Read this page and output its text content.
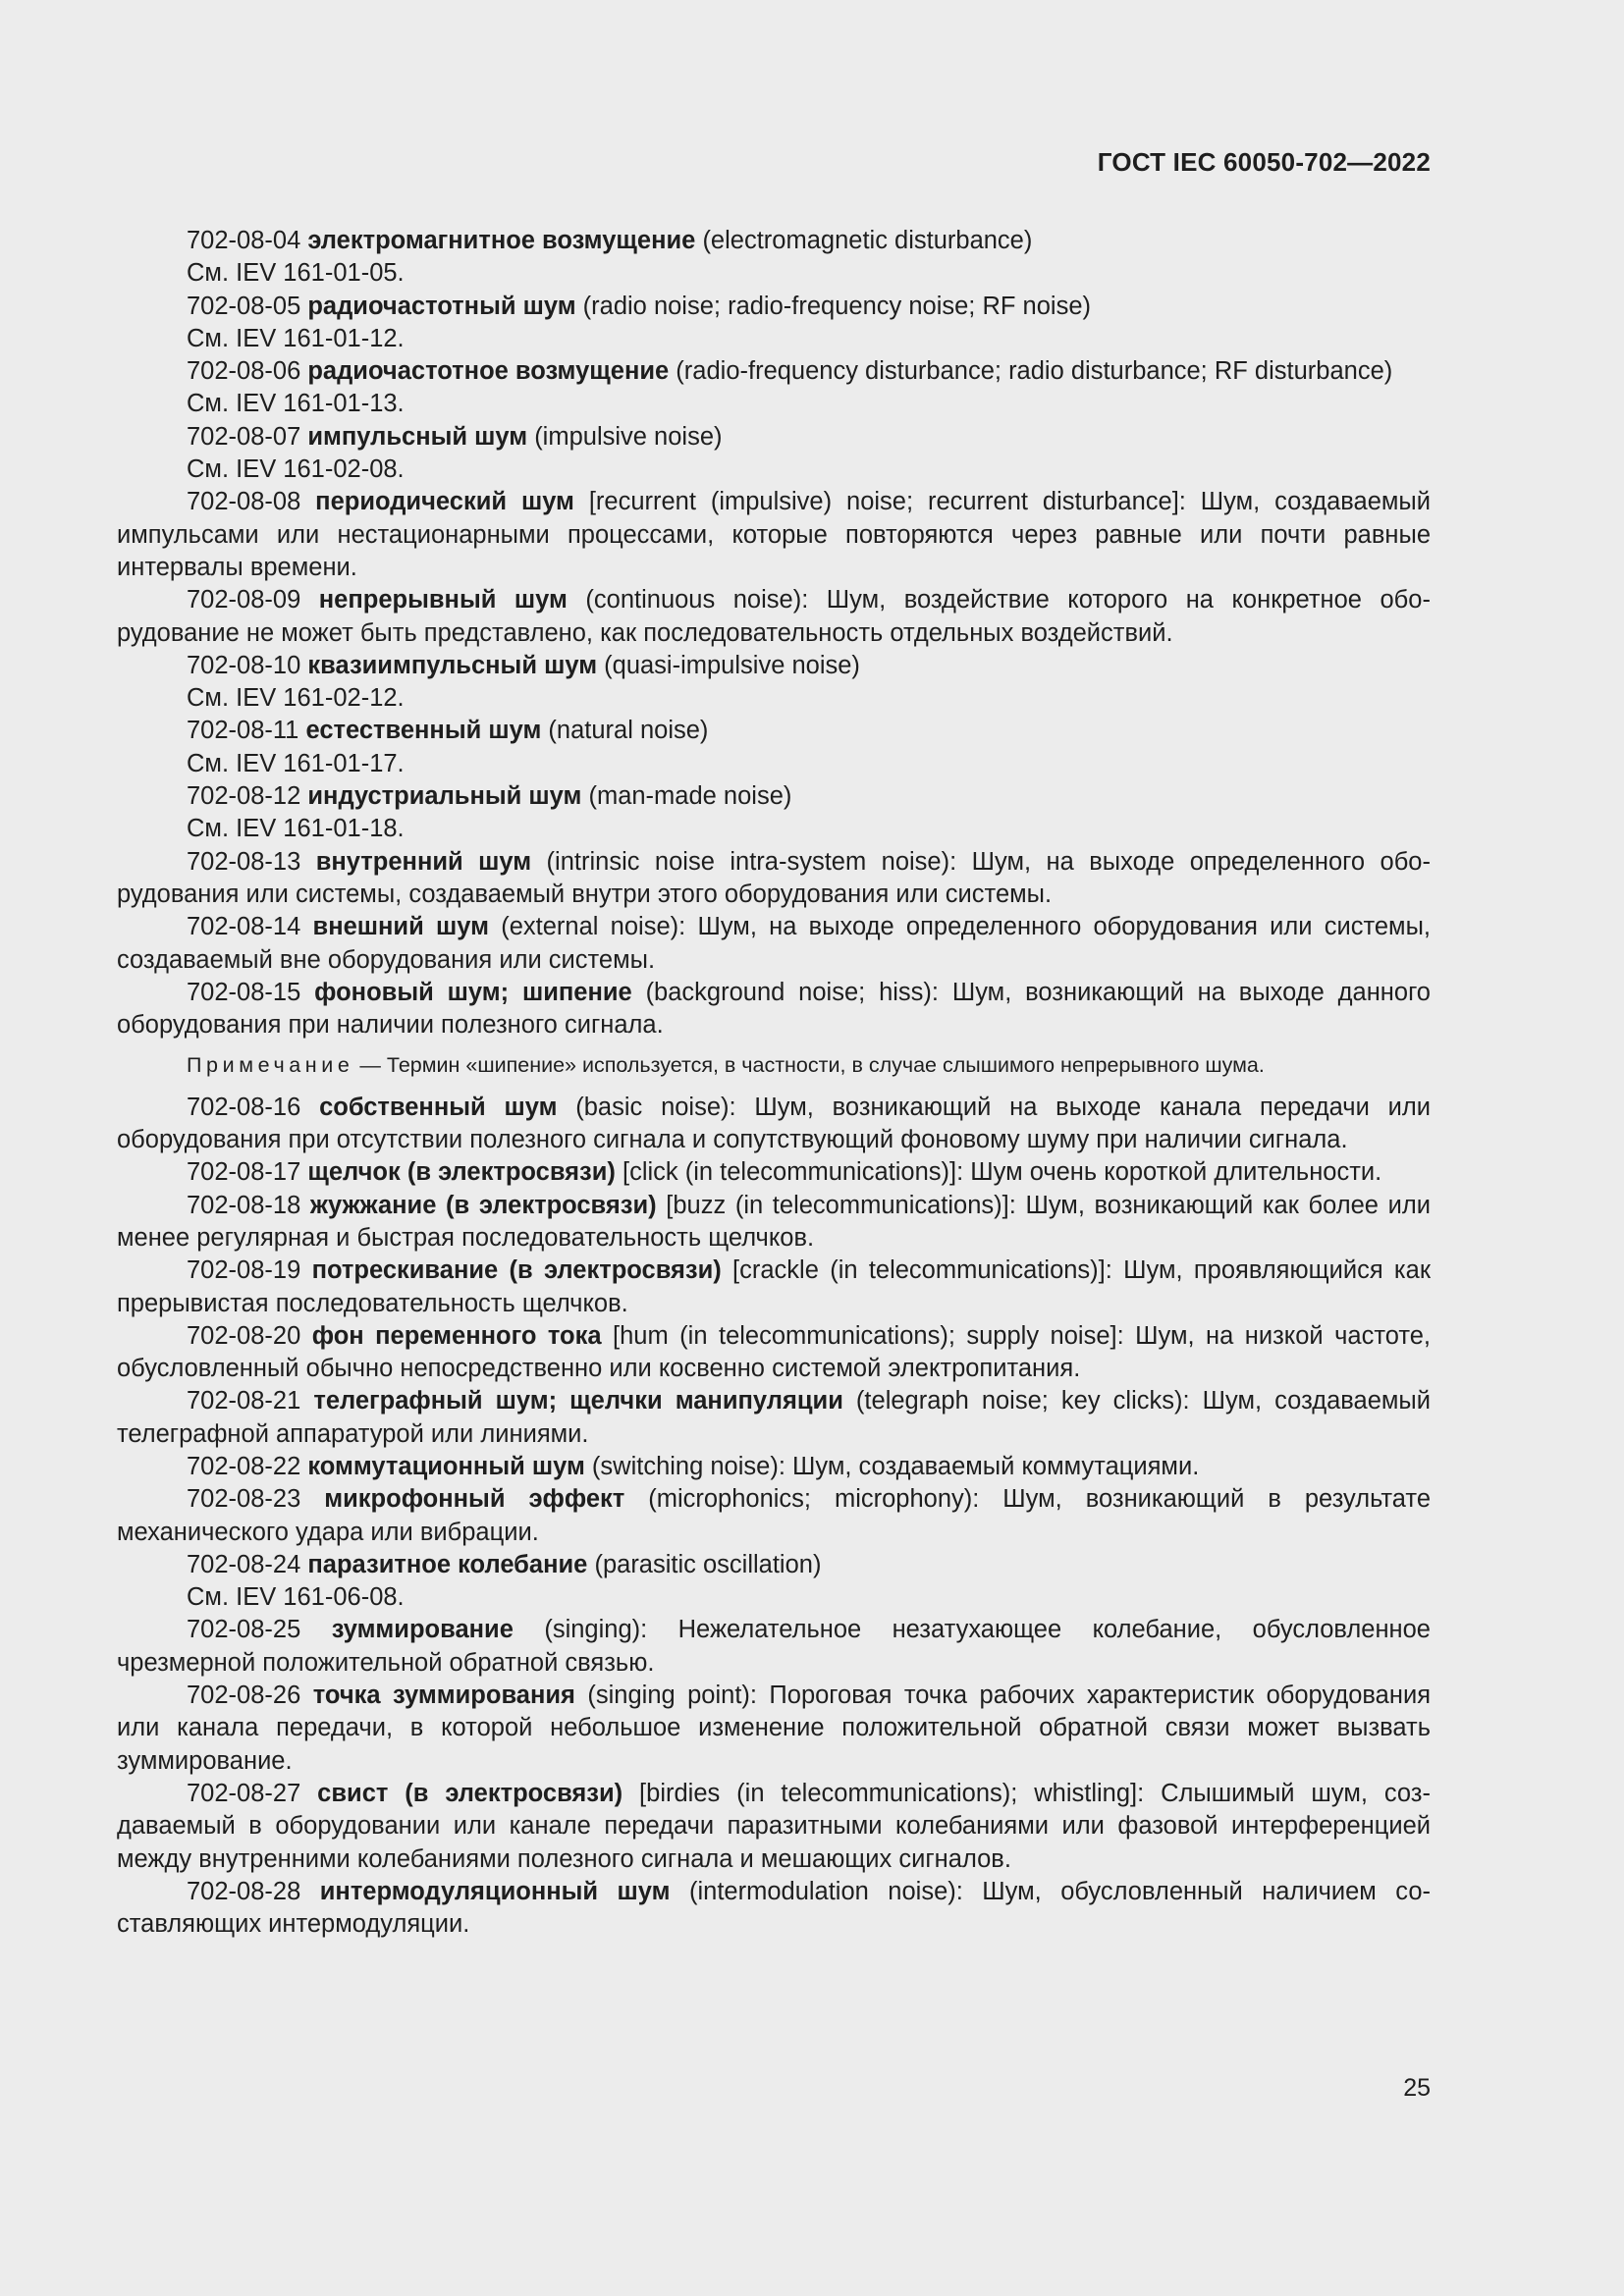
ГОСТ IEC 60050-702—2022

702-08-04 электромагнитное возмущение (electromagnetic disturbance)

См. IEV 161-01-05.

702-08-05 радиочастотный шум (radio noise; radio-frequency noise; RF noise)

См. IEV 161-01-12.

702-08-06 радиочастотное возмущение (radio-frequency disturbance; radio disturbance; RF disturbance)

См. IEV 161-01-13.

702-08-07 импульсный шум (impulsive noise)

См. IEV 161-02-08.

702-08-08 периодический шум [recurrent (impulsive) noise; recurrent disturbance]: Шум, создаваемый импульсами или нестационарными процессами, которые повторяются через равные или почти равные интервалы времени.

702-08-09 непрерывный шум (continuous noise): Шум, воздействие которого на конкретное оборудование не может быть представлено, как последовательность отдельных воздействий.

702-08-10 квазиимпульсный шум (quasi-impulsive noise)

См. IEV 161-02-12.

702-08-11 естественный шум (natural noise)

См. IEV 161-01-17.

702-08-12 индустриальный шум (man-made noise)

См. IEV 161-01-18.

702-08-13 внутренний шум (intrinsic noise intra-system noise): Шум, на выходе определенного оборудования или системы, создаваемый внутри этого оборудования или системы.

702-08-14 внешний шум (external noise): Шум, на выходе определенного оборудования или системы, создаваемый вне оборудования или системы.

702-08-15 фоновый шум; шипение (background noise; hiss): Шум, возникающий на выходе данного оборудования при наличии полезного сигнала.

Примечание — Термин «шипение» используется, в частности, в случае слышимого непрерывного шума.

702-08-16 собственный шум (basic noise): Шум, возникающий на выходе канала передачи или оборудования при отсутствии полезного сигнала и сопутствующий фоновому шуму при наличии сигнала.

702-08-17 щелчок (в электросвязи) [click (in telecommunications)]: Шум очень короткой длительности.

702-08-18 жужжание (в электросвязи) [buzz (in telecommunications)]: Шум, возникающий как более или менее регулярная и быстрая последовательность щелчков.

702-08-19 потрескивание (в электросвязи) [crackle (in telecommunications)]: Шум, проявляющийся как прерывистая последовательность щелчков.

702-08-20 фон переменного тока [hum (in telecommunications); supply noise]: Шум, на низкой частоте, обусловленный обычно непосредственно или косвенно системой электропитания.

702-08-21 телеграфный шум; щелчки манипуляции (telegraph noise; key clicks): Шум, создаваемый телеграфной аппаратурой или линиями.

702-08-22 коммутационный шум (switching noise): Шум, создаваемый коммутациями.

702-08-23 микрофонный эффект (microphonics; microphony): Шум, возникающий в результате механического удара или вибрации.

702-08-24 паразитное колебание (parasitic oscillation)

См. IEV 161-06-08.

702-08-25 зуммирование (singing): Нежелательное незатухающее колебание, обусловленное чрезмерной положительной обратной связью.

702-08-26 точка зуммирования (singing point): Пороговая точка рабочих характеристик оборудования или канала передачи, в которой небольшое изменение положительной обратной связи может вызвать зуммирование.

702-08-27 свист (в электросвязи) [birdies (in telecommunications); whistling]: Слышимый шум, создаваемый в оборудовании или канале передачи паразитными колебаниями или фазовой интерференцией между внутренними колебаниями полезного сигнала и мешающих сигналов.

702-08-28 интермодуляционный шум (intermodulation noise): Шум, обусловленный наличием составляющих интермодуляции.

25
